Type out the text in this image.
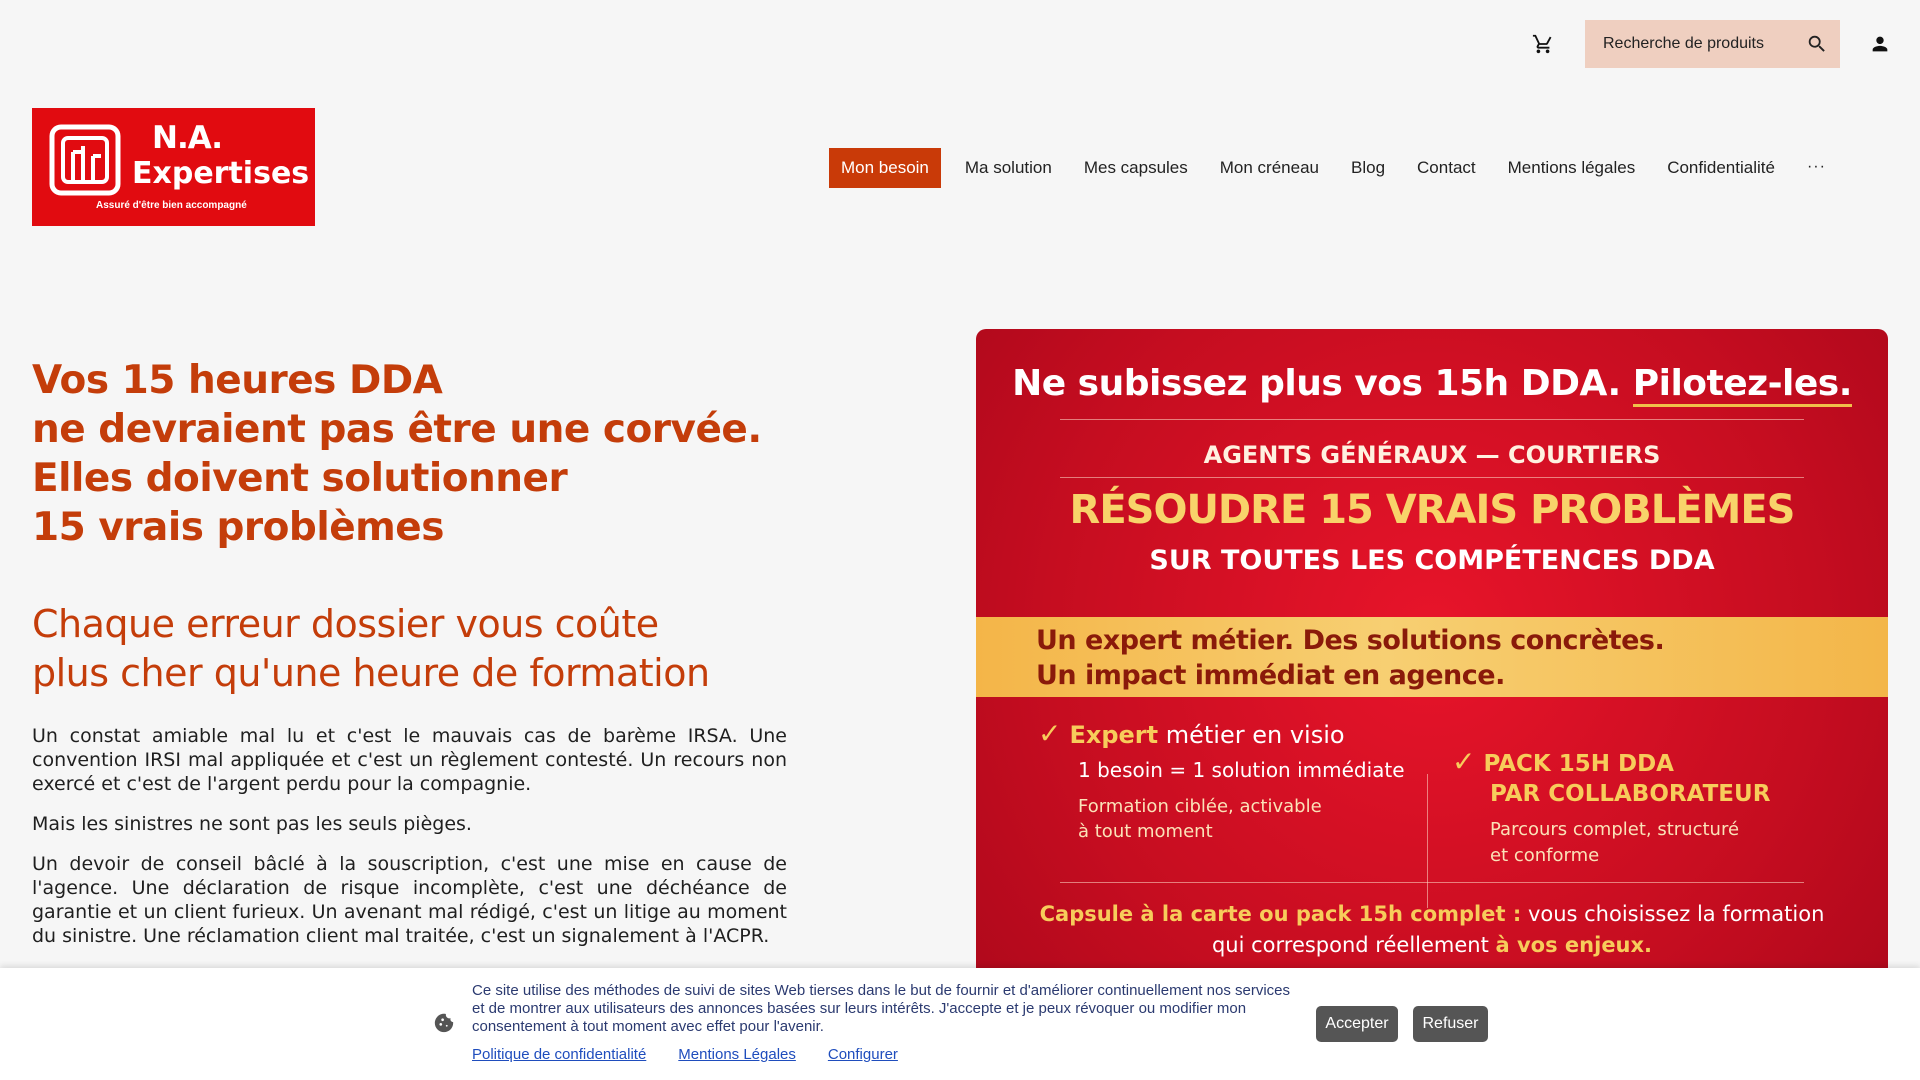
Recherche de produits
N.A.
Expertises
Assuré d'être bien accompagné
Mon besoin	Ma solution	Mes capsules	Mon créneau	Blog	Contact	Mentions légales	Confidentialité	···
Vos 15 heures DDA
ne devraient pas être une corvée.
Elles doivent solutionner
15 vrais problèmes
Chaque erreur dossier vous coûte
plus cher qu'une heure de formation

Un constat amiable mal lu et c'est le mauvais cas de barème IRSA. Une convention IRSI mal appliquée et c'est un règlement contesté. Un recours non exercé et c'est de l'argent perdu pour la compagnie.

Mais les sinistres ne sont pas les seuls pièges.

Un devoir de conseil bâclé à la souscription, c'est une mise en cause de l'agence. Une déclaration de risque incomplète, c'est une déchéance de garantie et un client furieux. Un avenant mal rédigé, c'est un litige au moment du sinistre. Une réclamation client mal traitée, c'est un signalement à l'ACPR.

Ne subissez plus vos 15h DDA. Pilotez-les.
AGENTS GÉNÉRAUX — COURTIERS
RÉSOUDRE 15 VRAIS PROBLÈMES
SUR TOUTES LES COMPÉTENCES DDA
Un expert métier. Des solutions concrètes.
Un impact immédiat en agence.
✓ Expert métier en visio
1 besoin = 1 solution immédiate
Formation ciblée, activable
à tout moment
✓ PACK 15H DDA
PAR COLLABORATEUR
Parcours complet, structuré
et conforme
Capsule à la carte ou pack 15h complet : vous choisissez la formation
qui correspond réellement à vos enjeux.
Ce site utilise des méthodes de suivi de sites Web tierses dans le but de fournir et d'améliorer continuellement nos services et de montrer aux utilisateurs des annonces basées sur leurs intérêts. J'accepte et je peux révoquer ou modifier mon consentement à tout moment avec effet pour l'avenir.
Politique de confidentialité Mentions Légales Configurer
Accepter	Refuser
